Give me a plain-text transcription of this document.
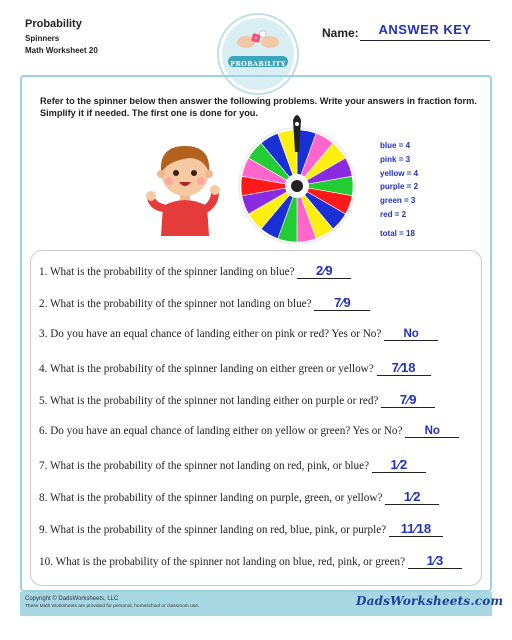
Probability
Spinners
Math Worksheet 20
PROBABILITY
Name:	ANSWER KEY
Refer to the spinner below then answer the following problems. Write your answers in fraction form. Simplify it if needed. The first one is done for you.
blue = 4
pink = 3
yellow = 4
purple = 2
green = 3
red = 2
total = 18
1. What is the probability of the spinner landing on blue? 2⁄9
2. What is the probability of the spinner not landing on blue? 7⁄9
3. Do you have an equal chance of landing either on pink or red? Yes or No? No
4. What is the probability of the spinner landing on either green or yellow? 7⁄18
5. What is the probability of the spinner not landing either on purple or red? 7⁄9
6. Do you have an equal chance of landing either on yellow or green? Yes or No? No
7. What is the probability of the spinner not landing on red, pink, or blue? 1⁄2
8. What is the probability of the spinner landing on purple, green, or yellow? 1⁄2
9. What is the probability of the spinner landing on red, blue, pink, or purple? 11⁄18
10. What is the probability of the spinner not landing on blue, red, pink, or green? 1⁄3
Copyright © DadsWorksheets, LLC
These Math Worksheets are provided for personal, homeschool or classroom use.	DadsWorksheets.com
